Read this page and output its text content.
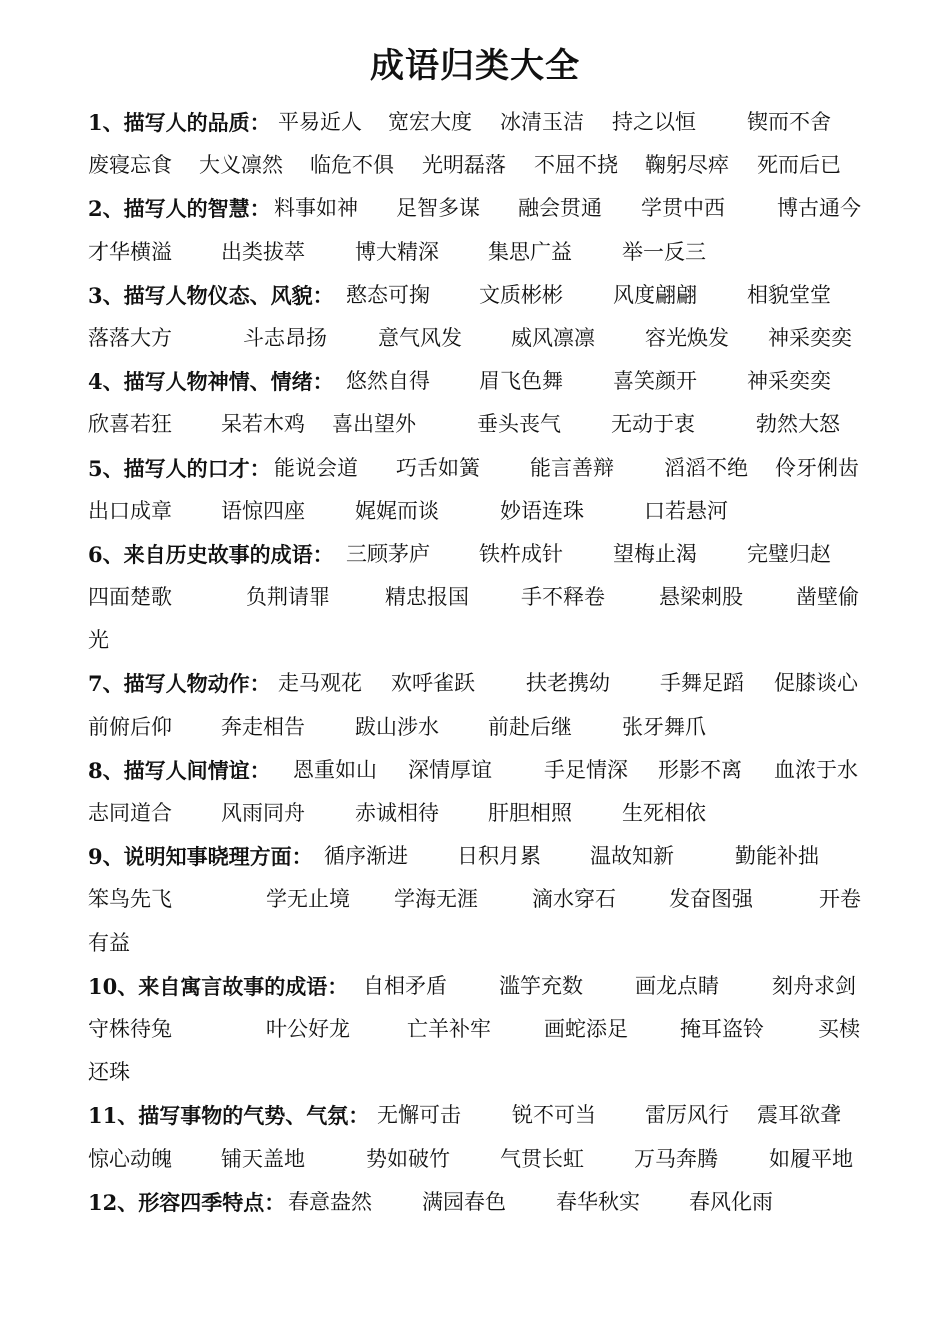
成语归类大全
1、描写人的品质： 平易近人 宽宏大度 冰清玉洁 持之以恒 锲而不舍
废寝忘食 大义凛然 临危不俱 光明磊落 不屈不挠 鞠躬尽瘁 死而后已
2、描写人的智慧： 料事如神 足智多谋 融会贯通 学贯中西 博古通今
才华横溢 出类拔萃 博大精深 集思广益 举一反三
3、描写人物仪态、风貌： 憨态可掬 文质彬彬 风度翩翩 相貌堂堂
落落大方	斗志昂扬 意气风发 威风凛凛 容光焕发 神采奕奕
4、描写人物神情、情绪： 悠然自得 眉飞色舞 喜笑颜开 神采奕奕
欣喜若狂 呆若木鸡 喜出望外	垂头丧气 无动于衷	勃然大怒
5、描写人的口才： 能说会道 巧舌如簧 能言善辩 滔滔不绝 伶牙俐齿
出口成章 语惊四座 娓娓而谈	妙语连珠	口若悬河
6、来自历史故事的成语： 三顾茅庐 铁杵成针 望梅止渴 完璧归赵
四面楚歌	负荆请罪	精忠报国 手不释卷	悬梁刺股	凿壁偷
光
7、描写人物动作： 走马观花 欢呼雀跃 扶老携幼 手舞足蹈 促膝谈心
前俯后仰 奔走相告 跋山涉水 前赴后继 张牙舞爪
8、描写人间情谊： 恩重如山 深情厚谊 手足情深 形影不离 血浓于水
志同道合 风雨同舟 赤诚相待 肝胆相照 生死相依
9、说明知事晓理方面： 循序渐进 日积月累 温故知新	勤能补拙
笨鸟先飞	学无止境 学海无涯	滴水穿石	发奋图强	开卷
有益
10、来自寓言故事的成语： 自相矛盾 滥竽充数 画龙点睛	刻舟求剑
守株待兔	叶公好龙	亡羊补牢	画蛇添足 掩耳盗铃	买椟
还珠
11、描写事物的气势、气氛： 无懈可击 锐不可当 雷厉风行 震耳欲聋
惊心动魄 铺天盖地	势如破竹 气贯长虹 万马奔腾 如履平地
12、形容四季特点： 春意盎然 满园春色 春华秋实 春风化雨
